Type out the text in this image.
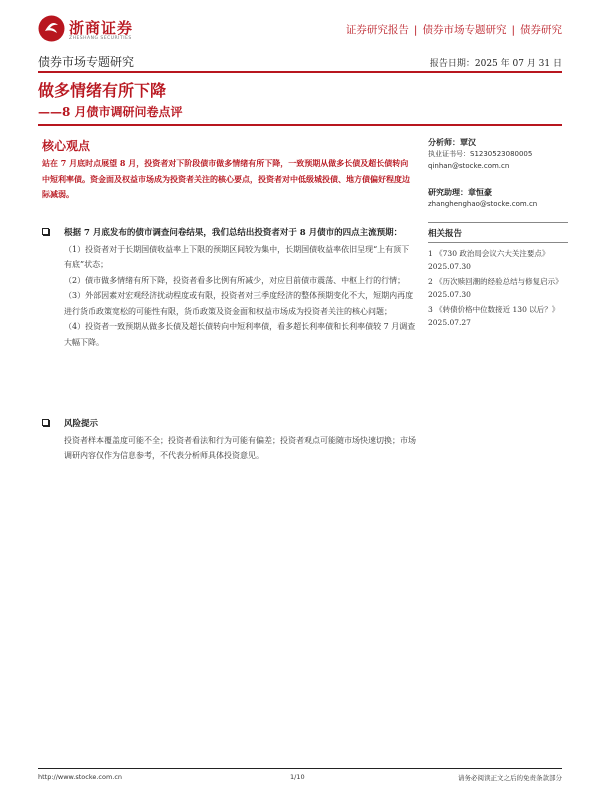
浙商证券
ZHESHANG SECURITIES
证券研究报告 | 债券市场专题研究 | 债券研究
债券市场专题研究	报告日期：2025 年 07 月 31 日
做多情绪有所下降
——8 月债市调研问卷点评
核心观点
站在 7 月底时点展望 8 月，投资者对下阶段债市做多情绪有所下降，一致预期从做多长债及超长债转向中短利率债。资金面及权益市场成为投资者关注的核心要点，投资者对中低级城投债、地方债偏好程度边际减弱。
根据 7 月底发布的债市调查问卷结果，我们总结出投资者对于 8 月债市的四点主流预期：
（1）投资者对于长期国债收益率上下限的预期区间较为集中，长期国债收益率依旧呈现“上有顶下有底”状态；
（2）债市做多情绪有所下降，投资者看多比例有所减少，对应目前债市震荡、中枢上行的行情；
（3）外部因素对宏观经济扰动程度或有限，投资者对三季度经济的整体预期变化不大，短期内再度进行货币政策宽松的可能性有限，货币政策及资金面和权益市场成为投资者关注的核心问题；
（4）投资者一致预期从做多长债及超长债转向中短利率债，看多超长利率债和长利率债较 7 月调查大幅下降。
风险提示
投资者样本覆盖度可能不全；投资者看法和行为可能有偏差；投资者观点可能随市场快速切换；市场调研内容仅作为信息参考，不代表分析师具体投资意见。
分析师：覃汉
执业证书号：S1230523080005
qinhan@stocke.com.cn
研究助理：章恒豪
zhanghenghao@stocke.com.cn
相关报告
1 《730 政治局会议六大关注要点》 2025.07.30
2 《历次赎回潮的经验总结与修复启示》 2025.07.30
3 《转债价格中位数接近 130 以后？》 2025.07.27
http://www.stocke.com.cn	1/10	请务必阅读正文之后的免责条款部分
